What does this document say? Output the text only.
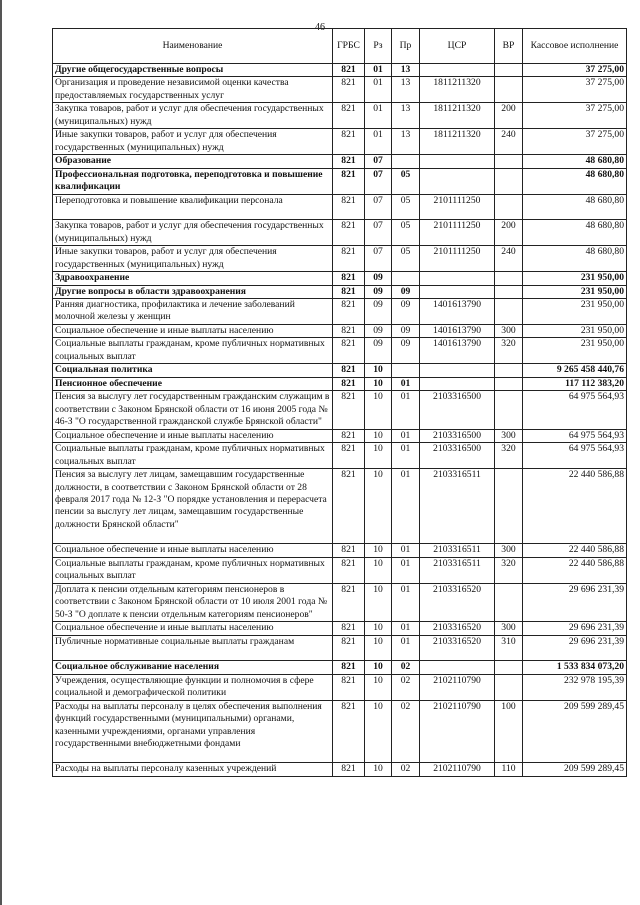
46
Наименование	ГРБС	Рз	Пр	ЦСР	ВР	Кассовое исполнение
Другие общегосударственные вопросы	821	01	13			37 275,00
Организация и проведение независимой оценки качества предоставляемых государственных услуг	821	01	13	1811211320		37 275,00
Закупка товаров, работ и услуг для обеспечения государственных (муниципальных) нужд	821	01	13	1811211320	200	37 275,00
Иные закупки товаров, работ и услуг для обеспечения государственных (муниципальных) нужд	821	01	13	1811211320	240	37 275,00
Образование	821	07				48 680,80
Профессиональная подготовка, переподготовка и повышение квалификации	821	07	05			48 680,80
Переподготовка и повышение квалификации персонала	821	07	05	2101111250		48 680,80
Закупка товаров, работ и услуг для обеспечения государственных (муниципальных) нужд	821	07	05	2101111250	200	48 680,80
Иные закупки товаров, работ и услуг для обеспечения государственных (муниципальных) нужд	821	07	05	2101111250	240	48 680,80
Здравоохранение	821	09				231 950,00
Другие вопросы в области здравоохранения	821	09	09			231 950,00
Ранняя диагностика, профилактика и лечение заболеваний молочной железы у женщин	821	09	09	1401613790		231 950,00
Социальное обеспечение и иные выплаты населению	821	09	09	1401613790	300	231 950,00
Социальные выплаты гражданам, кроме публичных нормативных социальных выплат	821	09	09	1401613790	320	231 950,00
Социальная политика	821	10				9 265 458 440,76
Пенсионное обеспечение	821	10	01			117 112 383,20
Пенсия за выслугу лет государственным гражданским служащим в соответствии с Законом Брянской области от 16 июня 2005 года № 46-З "О государственной гражданской службе Брянской области"	821	10	01	2103316500		64 975 564,93
Социальное обеспечение и иные выплаты населению	821	10	01	2103316500	300	64 975 564,93
Социальные выплаты гражданам, кроме публичных нормативных социальных выплат	821	10	01	2103316500	320	64 975 564,93
Пенсия за выслугу лет лицам, замещавшим государственные должности, в соответствии с Законом Брянской области от 28 февраля 2017 года № 12-З "О порядке установления и перерасчета пенсии за выслугу лет лицам, замещавшим государственные должности Брянской области"	821	10	01	2103316511		22 440 586,88
Социальное обеспечение и иные выплаты населению	821	10	01	2103316511	300	22 440 586,88
Социальные выплаты гражданам, кроме публичных нормативных социальных выплат	821	10	01	2103316511	320	22 440 586,88
Доплата к пенсии отдельным категориям пенсионеров в соответствии с Законом Брянской области от 10 июля 2001 года № 50-З "О доплате к пенсии отдельным категориям пенсионеров"	821	10	01	2103316520		29 696 231,39
Социальное обеспечение и иные выплаты населению	821	10	01	2103316520	300	29 696 231,39
Публичные нормативные социальные выплаты гражданам	821	10	01	2103316520	310	29 696 231,39
Социальное обслуживание населения	821	10	02			1 533 834 073,20
Учреждения, осуществляющие функции и полномочия в сфере социальной и демографической политики	821	10	02	2102110790		232 978 195,39
Расходы на выплаты персоналу в целях обеспечения выполнения функций государственными (муниципальными) органами, казенными учреждениями, органами управления государственными внебюджетными фондами	821	10	02	2102110790	100	209 599 289,45
Расходы на выплаты персоналу казенных учреждений	821	10	02	2102110790	110	209 599 289,45
